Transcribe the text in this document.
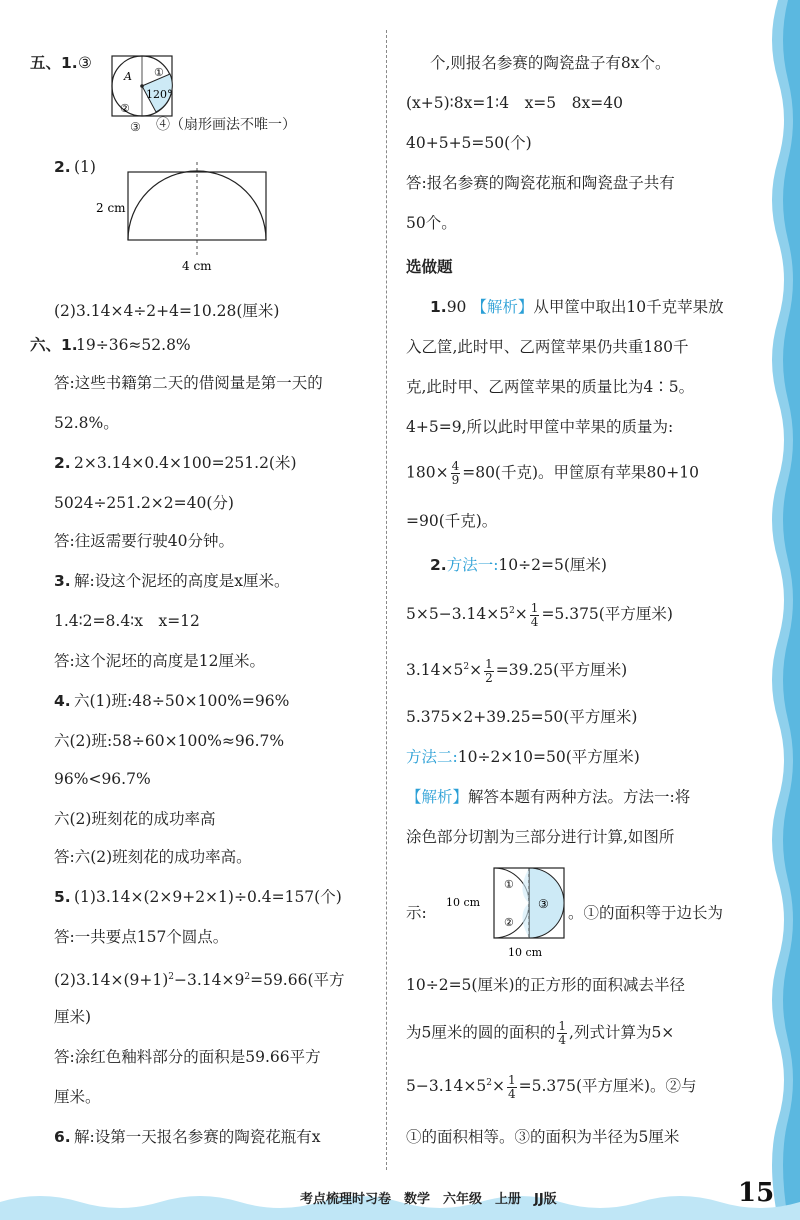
五、1. ③
A
120°
①
②
③ ④（扇形画法不唯一）
2. (1)
2 cm
4 cm
(2)3.14×4÷2+4=10.28(厘米)
六、1.
19÷36≈52.8%
答:这些书籍第二天的借阅量是第一天的
52.8%。
2. 2×3.14×0.4×100=251.2(米)
5024÷251.2×2=40(分)
答:往返需要行驶40分钟。
3. 解:设这个泥坯的高度是x厘米。
1.4∶2=8.4∶x　x=12
答:这个泥坯的高度是12厘米。
4. 六(1)班:48÷50×100%=96%
六(2)班:58÷60×100%≈96.7%
96%<96.7%
六(2)班刻花的成功率高
答:六(2)班刻花的成功率高。
5. (1)3.14×(2×9+2×1)÷0.4=157(个)
答:一共要点157个圆点。
$(2)3.14\times(9+1)^2-3.14\times 9^2=59.66$(平方
厘米)
答:涂红色釉料部分的面积是59.66平方
厘米。
6. 解:设第一天报名参赛的陶瓷花瓶有x
个,则报名参赛的陶瓷盘子有8x个。
(x+5)∶8x=1∶4　x=5　8x=40
40+5+5=50(个)
答:报名参赛的陶瓷花瓶和陶瓷盘子共有
50个。
选做题
1.90 【解析】从甲筐中取出10千克苹果放
入乙筐,此时甲、乙两筐苹果仍共重180千
克,此时甲、乙两筐苹果的质量比为4∶5。
4+5=9,所以此时甲筐中苹果的质量为:
$180\times \frac{4}{9} =80$(千克)。甲筐原有苹果80+10
=90(千克)。
2.方法一:10÷2=5(厘米)
$5\times 5-3.14\times 5^2\times \frac{1}{4} =5.375$(平方厘米)
$3.14\times 5^2\times \frac{1}{2} =39.25$(平方厘米)
5.375×2+39.25=50(平方厘米)
方法二:10÷2×10=50(平方厘米)
【解析】解答本题有两种方法。方法一:将
涂色部分切割为三部分进行计算,如图所
示:
10 cm
①
②
③
10 cm
。①的面积等于边长为
10÷2=5(厘米)的正方形的面积减去半径
为5厘米的圆的面积的 $\frac{1}{4}$ ,列式计算为5×
$5-3.14\times 5^2\times \frac{1}{4} =5.375$(平方厘米)。②与
①的面积相等。③的面积为半径为5厘米
考点梳理时习卷　数学　六年级　上册　JJ版	15
